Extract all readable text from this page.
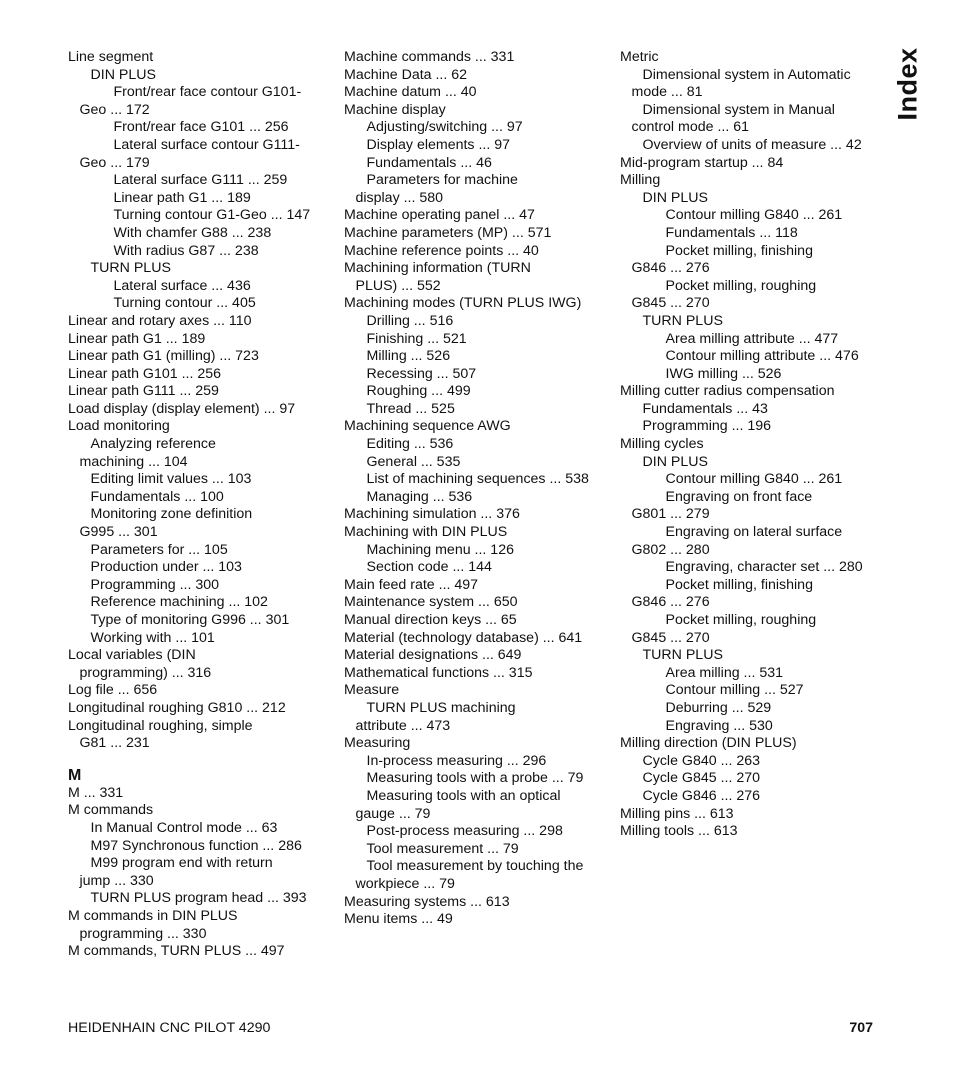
Line segment
DIN PLUS
Front/rear face contour G101-
Geo ... 172
Front/rear face G101 ... 256
Lateral surface contour G111-
Geo ... 179
Lateral surface G111 ... 259
Linear path G1 ... 189
Turning contour G1-Geo ... 147
With chamfer G88 ... 238
With radius G87 ... 238
TURN PLUS
Lateral surface ... 436
Turning contour ... 405
Linear and rotary axes ... 110
Linear path G1 ... 189
Linear path G1 (milling) ... 723
Linear path G101 ... 256
Linear path G111 ... 259
Load display (display element) ... 97
Load monitoring
Analyzing reference
machining ... 104
Editing limit values ... 103
Fundamentals ... 100
Monitoring zone definition
G995 ... 301
Parameters for ... 105
Production under ... 103
Programming ... 300
Reference machining ... 102
Type of monitoring G996 ... 301
Working with ... 101
Local variables (DIN
programming) ... 316
Log file ... 656
Longitudinal roughing G810 ... 212
Longitudinal roughing, simple
G81 ... 231
M
M ... 331
M commands
In Manual Control mode ... 63
M97 Synchronous function ... 286
M99 program end with return
jump ... 330
TURN PLUS program head ... 393
M commands in DIN PLUS
programming ... 330
M commands, TURN PLUS ... 497
Machine commands ... 331
Machine Data ... 62
Machine datum ... 40
Machine display
Adjusting/switching ... 97
Display elements ... 97
Fundamentals ... 46
Parameters for machine
display ... 580
Machine operating panel ... 47
Machine parameters (MP) ... 571
Machine reference points ... 40
Machining information (TURN
PLUS) ... 552
Machining modes (TURN PLUS IWG)
Drilling ... 516
Finishing ... 521
Milling ... 526
Recessing ... 507
Roughing ... 499
Thread ... 525
Machining sequence AWG
Editing ... 536
General ... 535
List of machining sequences ... 538
Managing ... 536
Machining simulation ... 376
Machining with DIN PLUS
Machining menu ... 126
Section code ... 144
Main feed rate ... 497
Maintenance system ... 650
Manual direction keys ... 65
Material (technology database) ... 641
Material designations ... 649
Mathematical functions ... 315
Measure
TURN PLUS machining
attribute ... 473
Measuring
In-process measuring ... 296
Measuring tools with a probe ... 79
Measuring tools with an optical
gauge ... 79
Post-process measuring ... 298
Tool measurement ... 79
Tool measurement by touching the
workpiece ... 79
Measuring systems ... 613
Menu items ... 49
Metric
Dimensional system in Automatic
mode ... 81
Dimensional system in Manual
control mode ... 61
Overview of units of measure ... 42
Mid-program startup ... 84
Milling
DIN PLUS
Contour milling G840 ... 261
Fundamentals ... 118
Pocket milling, finishing
G846 ... 276
Pocket milling, roughing
G845 ... 270
TURN PLUS
Area milling attribute ... 477
Contour milling attribute ... 476
IWG milling ... 526
Milling cutter radius compensation
Fundamentals ... 43
Programming ... 196
Milling cycles
DIN PLUS
Contour milling G840 ... 261
Engraving on front face
G801 ... 279
Engraving on lateral surface
G802 ... 280
Engraving, character set ... 280
Pocket milling, finishing
G846 ... 276
Pocket milling, roughing
G845 ... 270
TURN PLUS
Area milling ... 531
Contour milling ... 527
Deburring ... 529
Engraving ... 530
Milling direction (DIN PLUS)
Cycle G840 ... 263
Cycle G845 ... 270
Cycle G846 ... 276
Milling pins ... 613
Milling tools ... 613
Index
HEIDENHAIN CNC PILOT 4290	707
